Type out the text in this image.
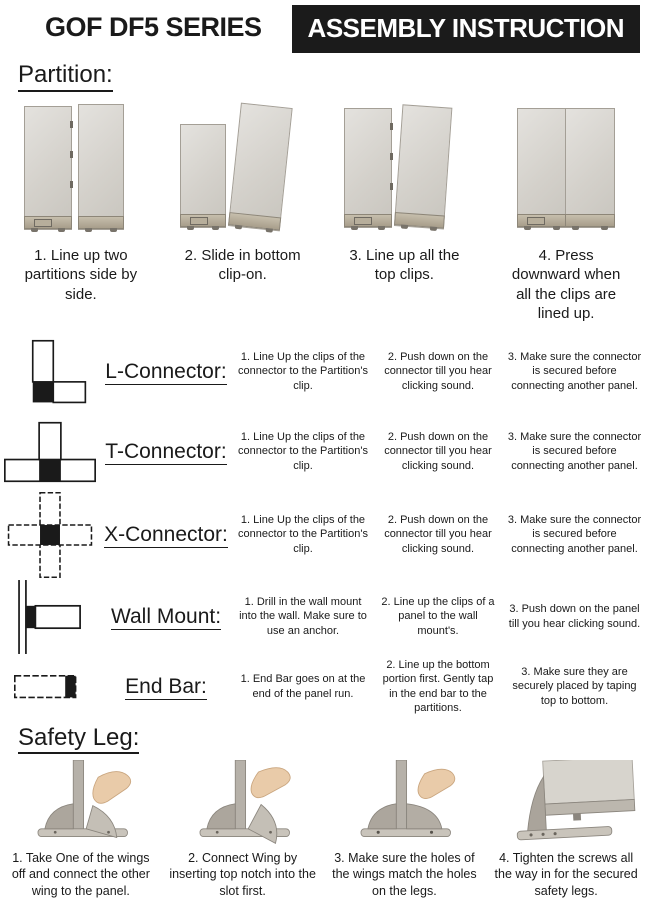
GOF DF5 SERIES	ASSEMBLY INSTRUCTION
Partition:
1. Line up two partitions side by side.
2. Slide in bottom clip-on.
3. Line up all the top clips.
4. Press downward when all the clips are lined up.
L-Connector:
1. Line Up the clips of the connector to the Partition's clip.
2. Push down on the connector till you hear clicking sound.
3. Make sure the connector is secured before connecting another panel.
T-Connector:
1. Line Up the clips of the connector to the Partition's clip.
2. Push down on the connector till you hear clicking sound.
3. Make sure the connector is secured before connecting another panel.
X-Connector:
1. Line Up the clips of the connector to the Partition's clip.
2. Push down on the connector till you hear clicking sound.
3. Make sure the connector is secured before connecting another panel.
Wall Mount:
1. Drill in the wall mount into the wall. Make sure to use an anchor.
2. Line up the clips of a panel to the wall mount's.
3. Push down on the panel till you hear clicking sound.
End Bar:	1. End Bar goes on at the end of the panel run.
2. Line up the bottom portion first. Gently tap in the end bar to the partitions.
3. Make sure they are securely placed by taping top to bottom.
Safety Leg:
1. Take One of the wings off and connect the other wing to the panel.
2. Connect Wing by inserting top notch into the slot first.
3. Make sure the holes of the wings match the holes on the legs.
4. Tighten the screws all the way in for the secured safety legs.
